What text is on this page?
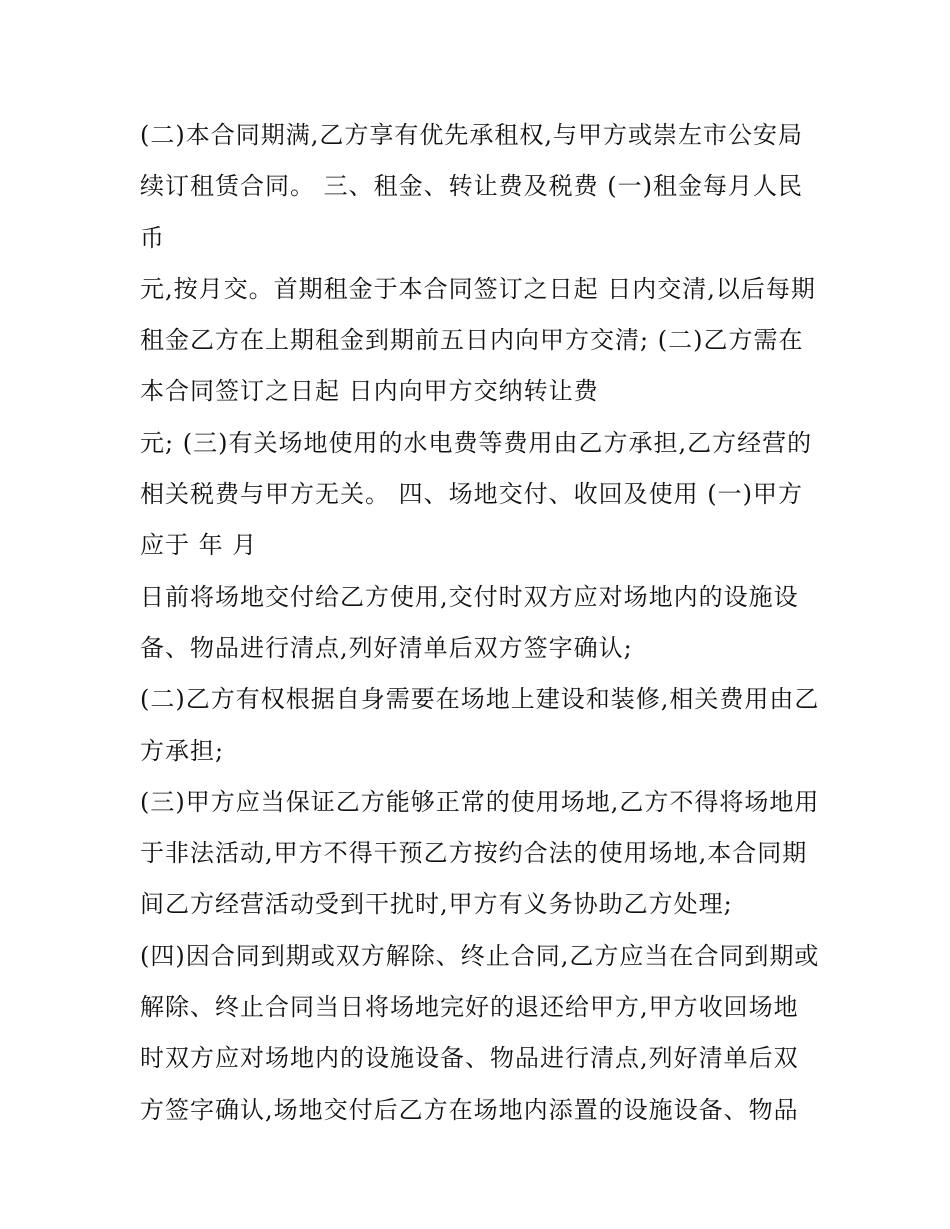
(二)本合同期满,乙方享有优先承租权,与甲方或崇左市公安局
续订租赁合同。 三、租金、转让费及税费 (一)租金每月人民
币
元,按月交。首期租金于本合同签订之日起 日内交清,以后每期
租金乙方在上期租金到期前五日内向甲方交清; (二)乙方需在
本合同签订之日起 日内向甲方交纳转让费
元; (三)有关场地使用的水电费等费用由乙方承担,乙方经营的
相关税费与甲方无关。 四、场地交付、收回及使用 (一)甲方
应于 年 月
日前将场地交付给乙方使用,交付时双方应对场地内的设施设
备、物品进行清点,列好清单后双方签字确认;
(二)乙方有权根据自身需要在场地上建设和装修,相关费用由乙
方承担;
(三)甲方应当保证乙方能够正常的使用场地,乙方不得将场地用
于非法活动,甲方不得干预乙方按约合法的使用场地,本合同期
间乙方经营活动受到干扰时,甲方有义务协助乙方处理;
(四)因合同到期或双方解除、终止合同,乙方应当在合同到期或
解除、终止合同当日将场地完好的退还给甲方,甲方收回场地
时双方应对场地内的设施设备、物品进行清点,列好清单后双
方签字确认,场地交付后乙方在场地内添置的设施设备、物品
